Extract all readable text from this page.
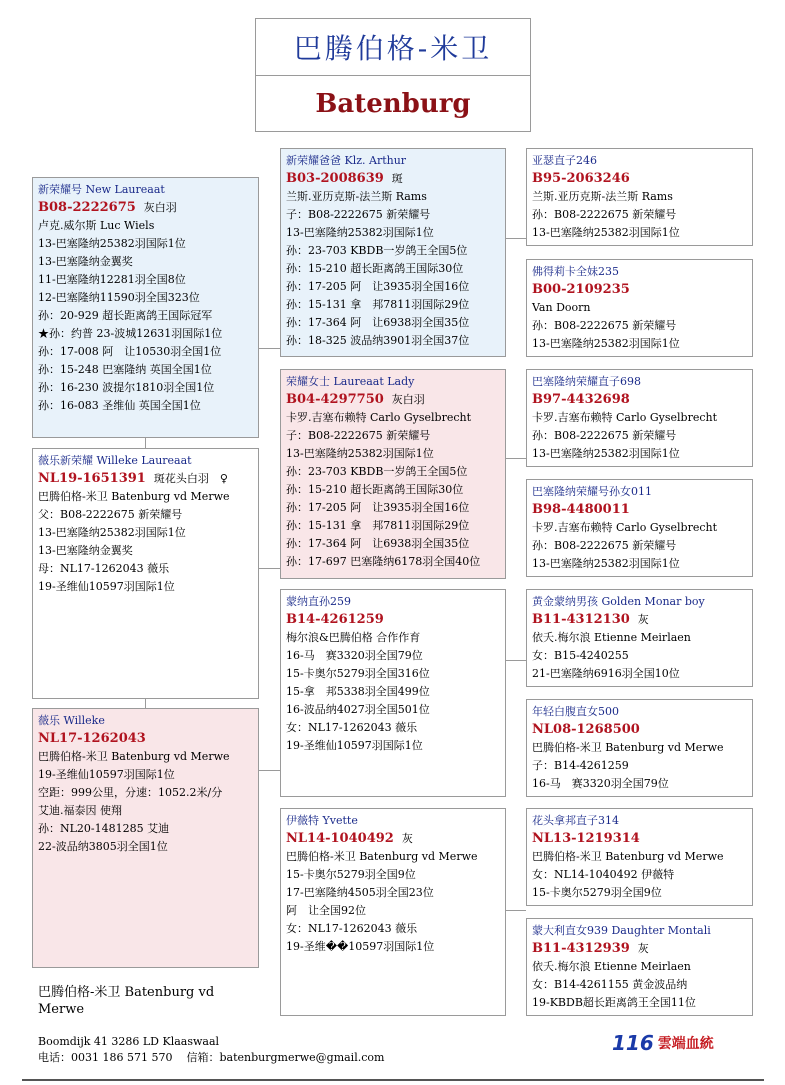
巴腾伯格-米卫
Batenburg
新荣耀号 New Laureaat
B08-2222675 灰白羽
卢克.威尔斯 Luc Wiels
13-巴塞隆纳25382羽国际1位
13-巴塞隆纳金翼奖
11-巴塞隆纳12281羽全国8位
12-巴塞隆纳11590羽全国323位
孙：20-929 超长距离鸽王国际冠军
★孙：约普 23-波城12631羽国际1位
孙：17-008 阿　让10530羽全国1位
孙：15-248 巴塞隆纳 英国全国1位
孙：16-230 波提尔1810羽全国1位
孙：16-083 圣维仙 英国全国1位
薇乐新荣耀 Willeke Laureaat
NL19-1651391 斑花头白羽　♀
巴腾伯格-米卫 Batenburg vd Merwe
父：B08-2222675 新荣耀号
13-巴塞隆纳25382羽国际1位
13-巴塞隆纳金翼奖
母：NL17-1262043 薇乐
19-圣维仙10597羽国际1位
薇乐 Willeke
NL17-1262043
巴腾伯格-米卫 Batenburg vd Merwe
19-圣维仙10597羽国际1位
空距：999公里，分速：1052.2米/分
艾迪.福泰因 使翔
孙：NL20-1481285 艾迪
22-波品纳3805羽全国1位
新荣耀爸爸 Klz. Arthur
B03-2008639 斑
兰斯.亚历克斯-法兰斯 Rams
子：B08-2222675 新荣耀号
13-巴塞隆纳25382羽国际1位
孙：23-703 KBDB一岁鸽王全国5位
孙：15-210 超长距离鸽王国际30位
孙：17-205 阿　让3935羽全国16位
孙：15-131 拿　邦7811羽国际29位
孙：17-364 阿　让6938羽全国35位
孙：18-325 波品纳3901羽全国37位
荣耀女士 Laureaat Lady
B04-4297750 灰白羽
卡罗.吉塞布赖特 Carlo Gyselbrecht
子：B08-2222675 新荣耀号
13-巴塞隆纳25382羽国际1位
孙：23-703 KBDB一岁鸽王全国5位
孙：15-210 超长距离鸽王国际30位
孙：17-205 阿　让3935羽全国16位
孙：15-131 拿　邦7811羽国际29位
孙：17-364 阿　让6938羽全国35位
孙：17-697 巴塞隆纳6178羽全国40位
蒙纳直孙259
B14-4261259
梅尔浪&巴腾伯格 合作作育
16-马　赛3320羽全国79位
15-卡奥尔5279羽全国316位
15-拿　邦5338羽全国499位
16-波品纳4027羽全国501位
女：NL17-1262043 薇乐
19-圣维仙10597羽国际1位
伊薇特 Yvette
NL14-1040492 灰
巴腾伯格-米卫 Batenburg vd Merwe
15-卡奥尔5279羽全国9位
17-巴塞隆纳4505羽全国23位
阿　让全国92位
女：NL17-1262043 薇乐
19-圣维��10597羽国际1位
亚瑟直子246
B95-2063246
兰斯.亚历克斯-法兰斯 Rams
孙：B08-2222675 新荣耀号
13-巴塞隆纳25382羽国际1位
佛得莉卡全妹235
B00-2109235
Van Doorn
孙：B08-2222675 新荣耀号
13-巴塞隆纳25382羽国际1位
巴塞隆纳荣耀直子698
B97-4432698
卡罗.吉塞布赖特 Carlo Gyselbrecht
孙：B08-2222675 新荣耀号
13-巴塞隆纳25382羽国际1位
巴塞隆纳荣耀号孙女011
B98-4480011
卡罗.吉塞布赖特 Carlo Gyselbrecht
孙：B08-2222675 新荣耀号
13-巴塞隆纳25382羽国际1位
黄金蒙纳男孩 Golden Monar boy
B11-4312130 灰
依夭.梅尔浪 Etienne Meirlaen
女：B15-4240255
21-巴塞隆纳6916羽全国10位
年轻白腹直女500
NL08-1268500
巴腾伯格-米卫 Batenburg vd Merwe
子：B14-4261259
16-马　赛3320羽全国79位
花头拿邦直子314
NL13-1219314
巴腾伯格-米卫 Batenburg vd Merwe
女：NL14-1040492 伊薇特
15-卡奥尔5279羽全国9位
蒙大利直女939 Daughter Montali
B11-4312939 灰
依夭.梅尔浪 Etienne Meirlaen
女：B14-4261155 黄金波品纳
19-KBDB超长距离鸽王全国11位
巴腾伯格-米卫 Batenburg vd Merwe
Boomdijk 41 3286 LD Klaaswaal
电话：0031 186 571 570 信箱：batenburgmerwe@gmail.com
116 雲端血統
